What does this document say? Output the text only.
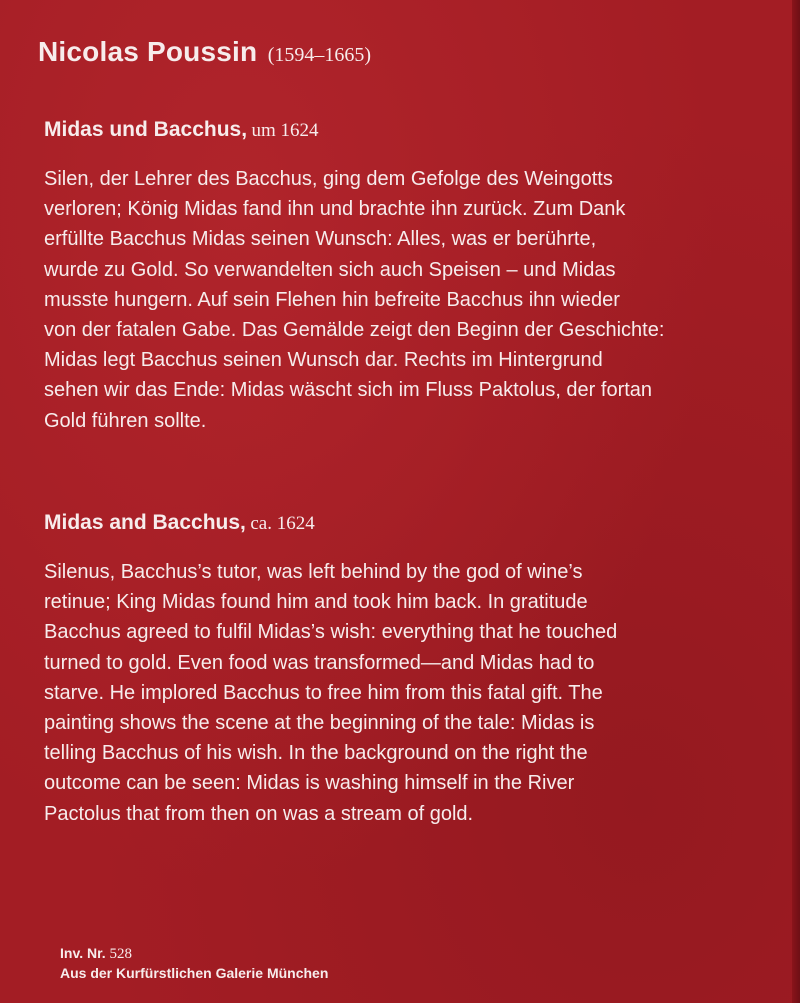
Nicolas Poussin (1594–1665)
Midas und Bacchus, um 1624

Silen, der Lehrer des Bacchus, ging dem Gefolge des Weingotts
verloren; König Midas fand ihn und brachte ihn zurück. Zum Dank
erfüllte Bacchus Midas seinen Wunsch: Alles, was er berührte,
wurde zu Gold. So verwandelten sich auch Speisen – und Midas
musste hungern. Auf sein Flehen hin befreite Bacchus ihn wieder
von der fatalen Gabe. Das Gemälde zeigt den Beginn der Geschichte:
Midas legt Bacchus seinen Wunsch dar. Rechts im Hintergrund
sehen wir das Ende: Midas wäscht sich im Fluss Paktolus, der fortan
Gold führen sollte.

Midas and Bacchus, ca. 1624

Silenus, Bacchus’s tutor, was left behind by the god of wine’s
retinue; King Midas found him and took him back. In gratitude
Bacchus agreed to fulfil Midas’s wish: everything that he touched
turned to gold. Even food was transformed—and Midas had to
starve. He implored Bacchus to free him from this fatal gift. The
painting shows the scene at the beginning of the tale: Midas is
telling Bacchus of his wish. In the background on the right the
outcome can be seen: Midas is washing himself in the River
Pactolus that from then on was a stream of gold.

Inv. Nr. 528
Aus der Kurfürstlichen Galerie München
